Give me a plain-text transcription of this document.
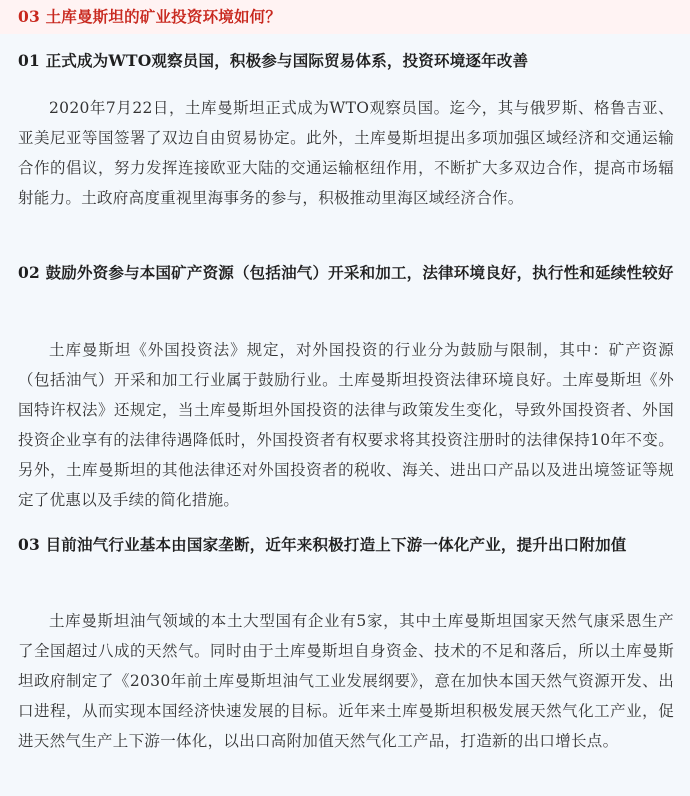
03 土库曼斯坦的矿业投资环境如何？
01 正式成为WTO观察员国，积极参与国际贸易体系，投资环境逐年改善
2020年7月22日，土库曼斯坦正式成为WTO观察员国。迄今，其与俄罗斯、格鲁吉亚、亚美尼亚等国签署了双边自由贸易协定。此外，土库曼斯坦提出多项加强区域经济和交通运输合作的倡议，努力发挥连接欧亚大陆的交通运输枢纽作用，不断扩大多双边合作，提高市场辐射能力。土政府高度重视里海事务的参与，积极推动里海区域经济合作。
02 鼓励外资参与本国矿产资源（包括油气）开采和加工，法律环境良好，执行性和延续性较好
土库曼斯坦《外国投资法》规定，对外国投资的行业分为鼓励与限制，其中：矿产资源（包括油气）开采和加工行业属于鼓励行业。土库曼斯坦投资法律环境良好。土库曼斯坦《外国特许权法》还规定，当土库曼斯坦外国投资的法律与政策发生变化，导致外国投资者、外国投资企业享有的法律待遇降低时，外国投资者有权要求将其投资注册时的法律保持10年不变。另外，土库曼斯坦的其他法律还对外国投资者的税收、海关、进出口产品以及进出境签证等规定了优惠以及手续的简化措施。
03 目前油气行业基本由国家垄断，近年来积极打造上下游一体化产业，提升出口附加值
土库曼斯坦油气领域的本土大型国有企业有5家，其中土库曼斯坦国家天然气康采恩生产了全国超过八成的天然气。同时由于土库曼斯坦自身资金、技术的不足和落后，所以土库曼斯坦政府制定了《2030年前土库曼斯坦油气工业发展纲要》，意在加快本国天然气资源开发、出口进程，从而实现本国经济快速发展的目标。近年来土库曼斯坦积极发展天然气化工产业，促进天然气生产上下游一体化，以出口高附加值天然气化工产品，打造新的出口增长点。
